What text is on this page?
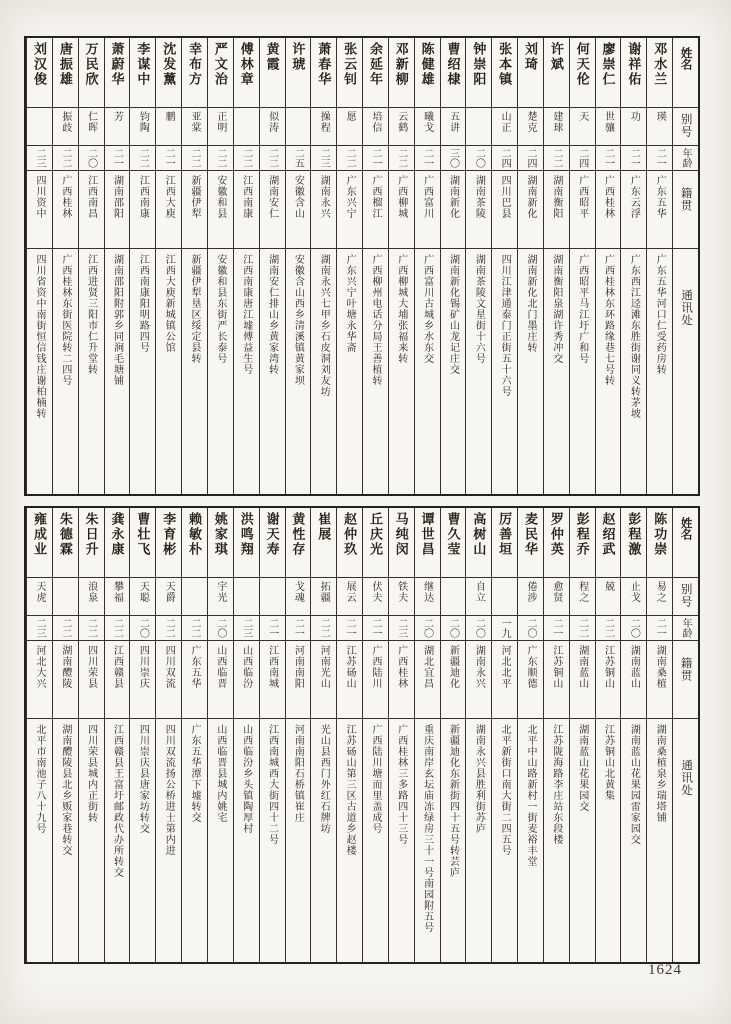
姓名
别号
年龄
籍贯
通讯处
邓水兰
瑛
二一
广东五华
广东五华河口仁受药房转
谢祥佑
功
二一
广东云浮
广东西江迳滩东胜街谢同义转茅坡
廖崇仁
世骧
二一
广西桂林
广西桂林东环路缘巷七号转
何天伦
天
二四
广西昭平
广西昭平马江圩广和号
许斌
建球
二二
湖南衡阳
湖南衡阳泉湖许秀冲交
刘琦
楚克
二四
湖南新化
湖南新化北门墨庄转
张本镇
山正
二四
四川巴县
四川江津通泰门正街五十六号
钟崇阳
二〇
湖南茶陵
湖南茶陵文星街十六号
曹绍棣
五讲
三〇
湖南新化
湖南新化锡矿山龙记庄交
陈健雄
曦戈
二一
广西富川
广西富川古城乡水东交
邓新柳
云鹤
二二
广西柳城
广西柳城大埔张福来转
余延年
培信
二一
广西榴江
广西柳州电话分局王善植转
张云钊
愿
二二
广东兴宁
广东兴宁叶塘永华斋
萧春华
操程
二三
湖南永兴
湖南永兴七甲乡石皮洞刘友坊
许琥
二五
安徽含山
安徽含山西乡清溪镇黄家坝
黄霞
似涛
二二
湖南安仁
湖南安仁排山乡黄家湾转
傅林章
二二
江西南康
江西南康唐江墟傅益生号
严文治
正明
二二
安徽和县
安徽和县东街严长泰号
幸布方
亚棠
二二
新疆伊犁
新疆伊犁垦区绥定县转
沈发薰
鹏
二一
江西大庾
江西大庾新城镇公馆
李谋中
钧陶
二二
江西南康
江西南康阳明路四号
萧蔚华
芳
二一
湖南邵阳
湖南邵阳附郭乡同涧毛塘铺
万民欣
仁晖
二〇
江西南昌
江西进贤三阳市仁升堂转
唐振雄
振歧
二二
广西桂林
广西桂林东街医院转二四号
刘汉俊
二三
四川资中
四川省资中南街恒信钱庄谢柏楠转
姓名
别号
年龄
籍贯
通讯处
陈功崇
易之
二一
湖南桑植
湖南桑植泉乡瑞塔铺
彭程激
止戈
二〇
湖南蓝山
湖南蓝山花果园雷家园交
赵绍武
兢
二二
江苏铜山
江苏铜山北黄集
彭程乔
程之
二二
湖南蓝山
湖南蓝山花果园交
罗仲英
愈贤
二一
江苏铜山
江苏陇海路李庄站东段楼
麦民华
倦涉
二〇
广东顺德
北平中山路新村一街麦裕丰堂
厉善垣
一九
河北北平
北平新街口南大街二四五号
高树山
自立
二〇
湖南永兴
湖南永兴县胜利街苏庐
曹久莹
二〇
新疆迪化
新疆迪化东新街四十五号转芸庐
谭世昌
继达
二〇
湖北宜昌
重庆南岸玄坛庙冻绿房三十一号南园附五号
马纯闵
铁夫
二三
广西桂林
广西桂林三多路四十三号
丘庆光
伏夫
二一
广西陆川
广西陆川塘而里盖成号
赵仲玖
展云
二一
江苏砀山
江苏砀山第三区古道乡赵楼
崔展
拓疆
二二
河南光山
光山县西门外红石牌坊
黄性存
戈魂
二一
河南南阳
河南南阳石桥镇崔庄
谢天寿
二一
江西南城
江西南城西大街四十二号
洪鸣翔
二三
山西临汾
山西临汾乡头镇陶厚村
姚家琪
宇光
二〇
山西临晋
山西临晋县城内姚宅
赖敏朴
二二
广东五华
广东五华潭下墟转交
李育彬
天爵
二二
四川双流
四川双流扬公桥进士第内进
曹壮飞
天聪
二〇
四川崇庆
四川崇庆县唐家坊转交
龚永康
攀福
二二
江西赣县
江西赣县王富圩邮政代办所转交
朱日升
浪泉
二二
四川荣县
四川荣县城内正街转
朱德霖
二二
湖南醴陵
湖南醴陵县北乡贩家巷转交
雍成业
天虎
二三
河北大兴
北平市南池子八十九号
1624
